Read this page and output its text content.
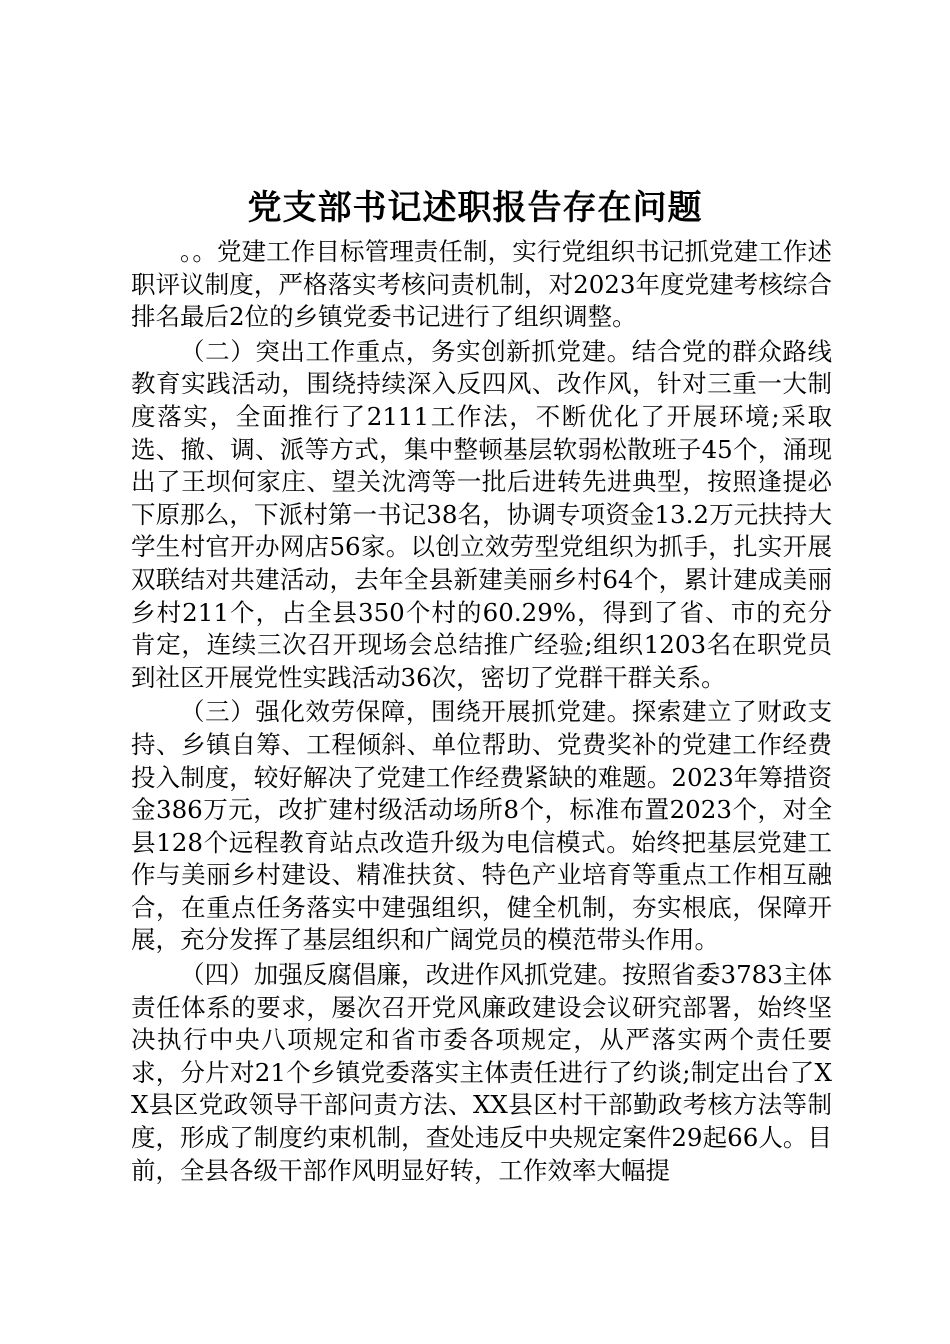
党支部书记述职报告存在问题

。。党建工作目标管理责任制，实行党组织书记抓党建工作述职评议制度，严格落实考核问责机制，对2023年度党建考核综合排名最后2位的乡镇党委书记进行了组织调整。

（二）突出工作重点，务实创新抓党建。结合党的群众路线教育实践活动，围绕持续深入反四风、改作风，针对三重一大制度落实，全面推行了2111工作法，不断优化了开展环境;采取选、撤、调、派等方式，集中整顿基层软弱松散班子45个，涌现出了王坝何家庄、望关沈湾等一批后进转先进典型，按照逢提必下原那么，下派村第一书记38名，协调专项资金13.2万元扶持大学生村官开办网店56家。以创立效劳型党组织为抓手，扎实开展双联结对共建活动，去年全县新建美丽乡村64个，累计建成美丽乡村211个，占全县350个村的60.29%，得到了省、市的充分肯定，连续三次召开现场会总结推广经验;组织1203名在职党员到社区开展党性实践活动36次，密切了党群干群关系。

（三）强化效劳保障，围绕开展抓党建。探索建立了财政支持、乡镇自筹、工程倾斜、单位帮助、党费奖补的党建工作经费投入制度，较好解决了党建工作经费紧缺的难题。2023年筹措资金386万元，改扩建村级活动场所8个，标准布置2023个，对全县128个远程教育站点改造升级为电信模式。始终把基层党建工作与美丽乡村建设、精准扶贫、特色产业培育等重点工作相互融合，在重点任务落实中建强组织，健全机制，夯实根底，保障开展，充分发挥了基层组织和广阔党员的模范带头作用。

（四）加强反腐倡廉，改进作风抓党建。按照省委3783主体责任体系的要求，屡次召开党风廉政建设会议研究部署，始终坚决执行中央八项规定和省市委各项规定，从严落实两个责任要求，分片对21个乡镇党委落实主体责任进行了约谈;制定出台了XX县区党政领导干部问责方法、XX县区村干部勤政考核方法等制度，形成了制度约束机制，查处违反中央规定案件29起66人。目前，全县各级干部作风明显好转，工作效率大幅提
